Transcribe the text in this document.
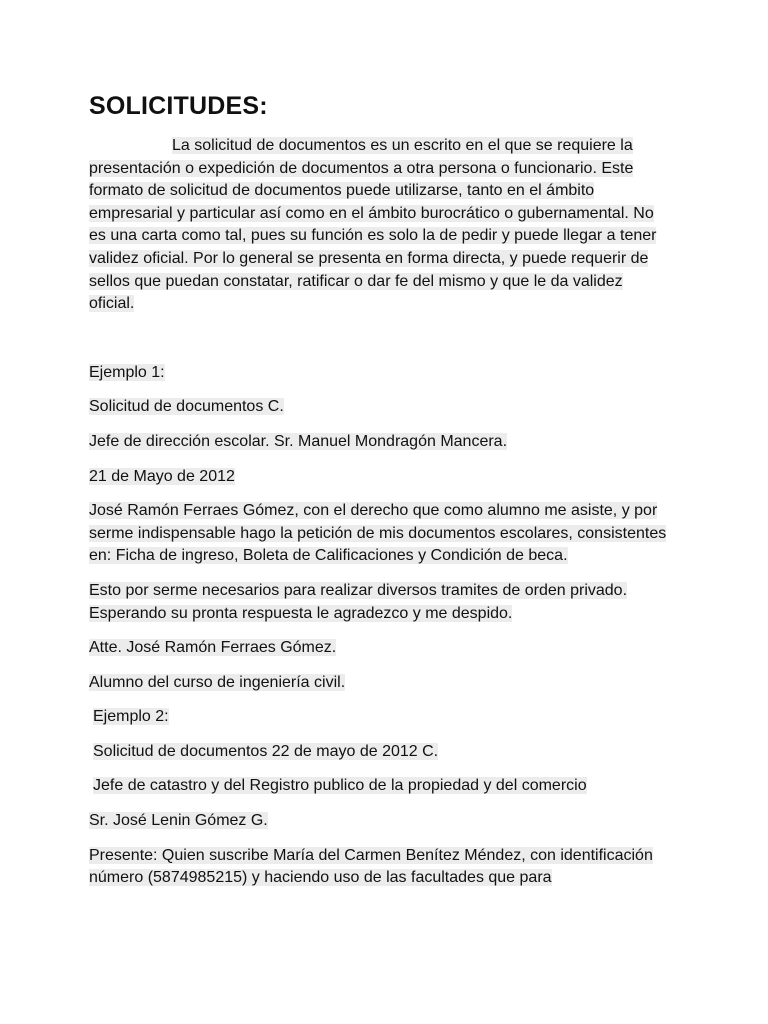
SOLICITUDES:

La solicitud de documentos es un escrito en el que se requiere la presentación o expedición de documentos a otra persona o funcionario. Este formato de solicitud de documentos puede utilizarse, tanto en el ámbito empresarial y particular así como en el ámbito burocrático o gubernamental. No es una carta como tal, pues su función es solo la de pedir y puede llegar a tener validez oficial. Por lo general se presenta en forma directa, y puede requerir de sellos que puedan constatar, ratificar o dar fe del mismo y que le da validez oficial.

Ejemplo 1:

Solicitud de documentos C.

Jefe de dirección escolar. Sr. Manuel Mondragón Mancera.

21 de Mayo de 2012

José Ramón Ferraes Gómez, con el derecho que como alumno me asiste, y por serme indispensable hago la petición de mis documentos escolares, consistentes en: Ficha de ingreso, Boleta de Calificaciones y Condición de beca.

Esto por serme necesarios para realizar diversos tramites de orden privado. Esperando su pronta respuesta le agradezco y me despido.

Atte. José Ramón Ferraes Gómez.

Alumno del curso de ingeniería civil.

Ejemplo 2:

Solicitud de documentos 22 de mayo de 2012 C.

Jefe de catastro y del Registro publico de la propiedad y del comercio

Sr. José Lenin Gómez G.

Presente: Quien suscribe María del Carmen Benítez Méndez, con identificación número (5874985215) y haciendo uso de las facultades que para
